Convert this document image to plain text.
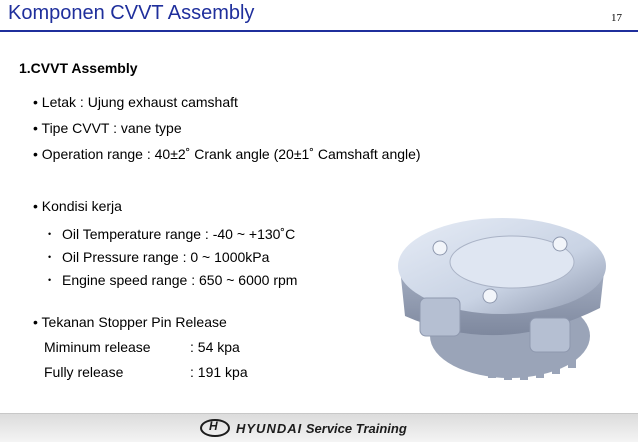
Komponen CVVT Assembly	17
1.CVVT Assembly
• Letak : Ujung exhaust camshaft
• Tipe CVVT : vane type
• Operation range : 40±2˚ Crank angle (20±1˚ Camshaft angle)
• Kondisi kerja
• Oil Temperature range : -40 ~ +130˚C
• Oil Pressure range : 0 ~ 1000kPa
• Engine speed range : 650 ~ 6000 rpm
• Tekanan Stopper Pin Release
Miminum release	: 54 kpa
Fully release	: 191 kpa
HHYUNDAI Service Training
